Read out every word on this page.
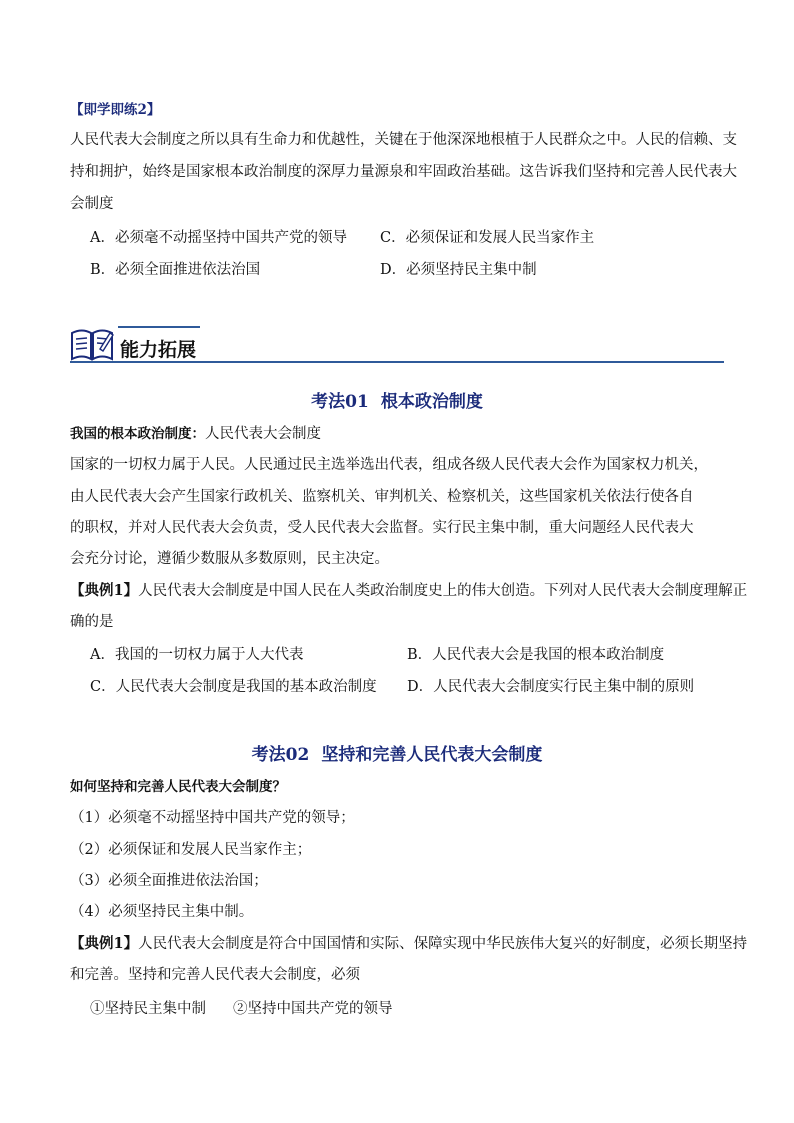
【即学即练2】
人民代表大会制度之所以具有生命力和优越性，关键在于他深深地根植于人民群众之中。人民的信赖、支
持和拥护，始终是国家根本政治制度的深厚力量源泉和牢固政治基础。这告诉我们坚持和完善人民代表大
会制度
A．必须毫不动摇坚持中国共产党的领导 C．必须保证和发展人民当家作主
B．必须全面推进依法治国	D．必须坚持民主集中制
能力拓展
考法01 根本政治制度
我国的根本政治制度：人民代表大会制度
国家的一切权力属于人民。人民通过民主选举选出代表，组成各级人民代表大会作为国家权力机关，
由人民代表大会产生国家行政机关、监察机关、审判机关、检察机关，这些国家机关依法行使各自
的职权，并对人民代表大会负责，受人民代表大会监督。实行民主集中制，重大问题经人民代表大
会充分讨论，遵循少数服从多数原则，民主决定。
【典例1】人民代表大会制度是中国人民在人类政治制度史上的伟大创造。下列对人民代表大会制度理解正
确的是
A．我国的一切权力属于人大代表	B．人民代表大会是我国的根本政治制度
C．人民代表大会制度是我国的基本政治制度 D．人民代表大会制度实行民主集中制的原则
考法02 坚持和完善人民代表大会制度
如何坚持和完善人民代表大会制度？
（1）必须毫不动摇坚持中国共产党的领导；
（2）必须保证和发展人民当家作主；
（3）必须全面推进依法治国；
（4）必须坚持民主集中制。
【典例1】人民代表大会制度是符合中国国情和实际、保障实现中华民族伟大复兴的好制度，必须长期坚持
和完善。坚持和完善人民代表大会制度，必须
①坚持民主集中制 ②坚持中国共产党的领导
